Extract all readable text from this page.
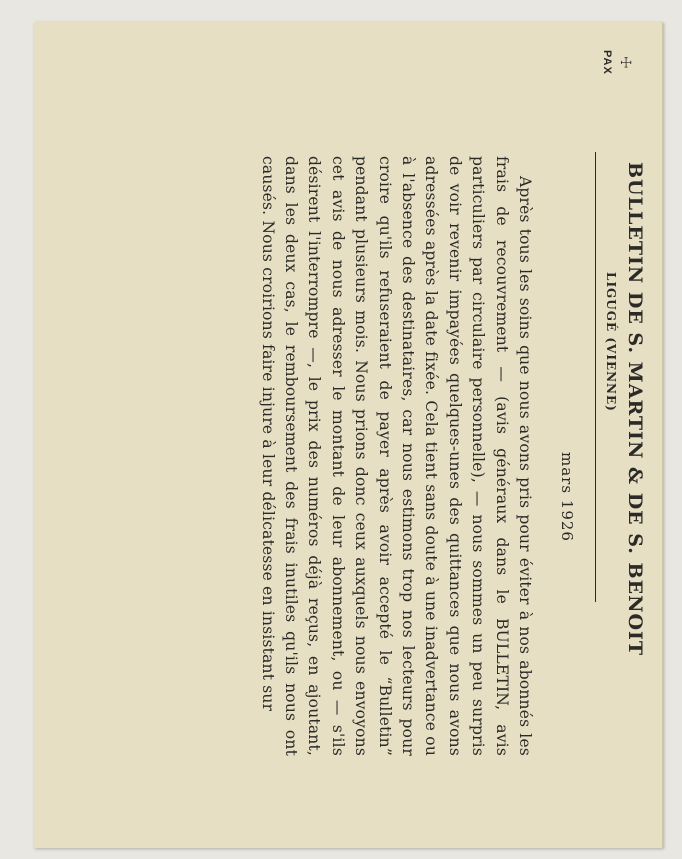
☩
PAX
BULLETIN DE S. MARTIN & DE S. BENOIT
LIGUGÉ (VIENNE)
mars 1926

Après tous les soins que nous avons pris pour éviter à nos abonnés les frais de recouvrement — (avis généraux dans le BULLETIN, avis particuliers par circulaire personnelle), — nous sommes un peu surpris de voir revenir impayées quelques-unes des quittances que nous avons adressées après la date fixée. Cela tient sans doute à une inadvertance ou à l'absence des destinataires, car nous estimons trop nos lecteurs pour croire qu'ils refuseraient de payer après avoir accepté le “Bulletin” pendant plusieurs mois. Nous prions donc ceux auxquels nous envoyons cet avis de nous adresser le montant de leur abonnement, ou — s'ils désirent l'interrompre —, le prix des numéros déjà reçus, en ajoutant, dans les deux cas, le remboursement des frais inutiles qu'ils nous ont causés. Nous croirions faire injure à leur délicatesse en insistant sur
